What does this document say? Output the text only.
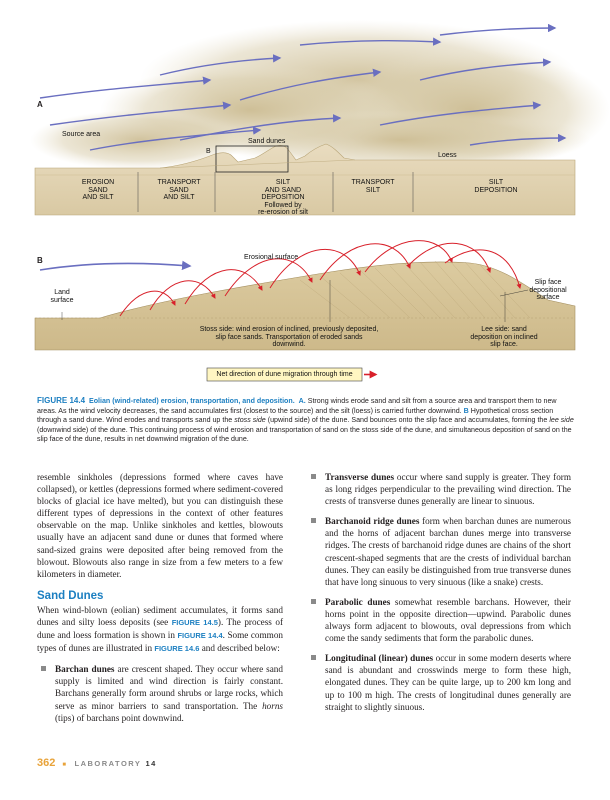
A
B
Source area
Sand dunes
B
Loess
EROSION
SAND
AND SILT
TRANSPORT
SAND
AND SILT
SILT
AND SAND
DEPOSITION
Followed by
re-erosion of silt
TRANSPORT
SILT
SILT
DEPOSITION
Erosional surface
Land
surface
Slip face
depositional
surface
Stoss side: wind erosion of inclined, previously deposited,
slip face sands. Transportation of eroded sands
downwind.
Lee side: sand
deposition on inclined
slip face.
Net direction of dune migration through time
FIGURE 14.4 Eolian (wind-related) erosion, transportation, and deposition. A. Strong winds erode sand and silt from a source area and transport them to new areas. As the wind velocity decreases, the sand accumulates first (closest to the source) and the silt (loess) is carried further downwind. B Hypothetical cross section through a sand dune. Wind erodes and transports sand up the stoss side (upwind side) of the dune. Sand bounces onto the slip face and accumulates, forming the lee side (downwind side) of the dune. This continuing process of wind erosion and transportation of sand on the stoss side of the dune, and simultaneous deposition of sand on the slip face of the dune, results in net downwind migration of the dune.

resemble sinkholes (depressions formed where caves have collapsed), or kettles (depressions formed where sediment-covered blocks of glacial ice have melted), but you can distinguish these different types of depressions in the context of other features observable on the map. Unlike sinkholes and kettles, blowouts usually have an adjacent sand dune or dunes that formed where sand-sized grains were deposited after being removed from the blowout. Blowouts also range in size from a few meters to a few kilometers in diameter.

Sand Dunes

When wind-blown (eolian) sediment accumulates, it forms sand dunes and silty loess deposits (see FIGURE 14.5). The process of dune and loess formation is shown in FIGURE 14.4. Some common types of dunes are illustrated in FIGURE 14.6 and described below:

Barchan dunes are crescent shaped. They occur where sand supply is limited and wind direction is fairly constant. Barchans generally form around shrubs or large rocks, which serve as minor barriers to sand transportation. The horns (tips) of barchans point downwind.
Transverse dunes occur where sand supply is greater. They form as long ridges perpendicular to the prevailing wind direction. The crests of transverse dunes generally are linear to sinuous.
Barchanoid ridge dunes form when barchan dunes are numerous and the horns of adjacent barchan dunes merge into transverse ridges. The crests of barchanoid ridge dunes are chains of the short crescent-shaped segments that are the crests of individual barchan dunes. They can easily be distinguished from true transverse dunes that have long sinuous to very sinuous (like a snake) crests.
Parabolic dunes somewhat resemble barchans. However, their horns point in the opposite direction—upwind. Parabolic dunes always form adjacent to blowouts, oval depressions from which come the sandy sediments that form the parabolic dunes.
Longitudinal (linear) dunes occur in some modern deserts where sand is abundant and crosswinds merge to form these high, elongated dunes. They can be quite large, up to 200 km long and up to 100 m high. The crests of longitudinal dunes generally are straight to slightly sinuous.
362 ■ LABORATORY 14
